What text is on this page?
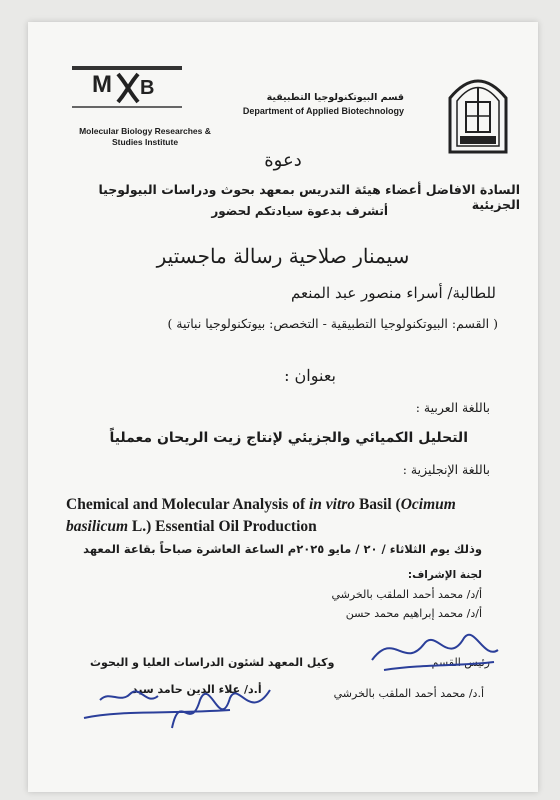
M B
Molecular Biology Researches & Studies Institute
قسم البيوتكنولوجيا التطبيقية
Department of Applied Biotechnology
دعوة
السادة الافاضل أعضاء هيئة التدريس بمعهد بحوث ودراسات البيولوجيا الجزيئية
أتشرف بدعوة سيادتكم لحضور
سيمنار صلاحية رسالة ماجستير
للطالبة/ أسراء منصور عبد المنعم
( القسم: البيوتكنولوجيا التطبيقية - التخصص: بيوتكنولوجيا نباتية )
بعنوان :
باللغة العربية :
التحليل الكميائي والجزيئي لإنتاج زيت الريحان معملياً
باللغة الإنجليزية :
Chemical and Molecular Analysis of in vitro Basil (Ocimum basilicum L.) Essential Oil Production
وذلك يوم الثلاثاء / ٢٠ / مايو ٢٠٢٥م الساعة العاشرة صباحاً بقاعة المعهد
لجنة الإشراف:
أ/د/ محمد أحمد الملقب بالخرشي
أ/د/ محمد إبراهيم محمد حسن
وكيل المعهد لشئون الدراسات العليا و البحوث
أ.د/ علاء الدين حامد سيد
رئيس القسم
أ.د/ محمد أحمد الملقب بالخرشي
